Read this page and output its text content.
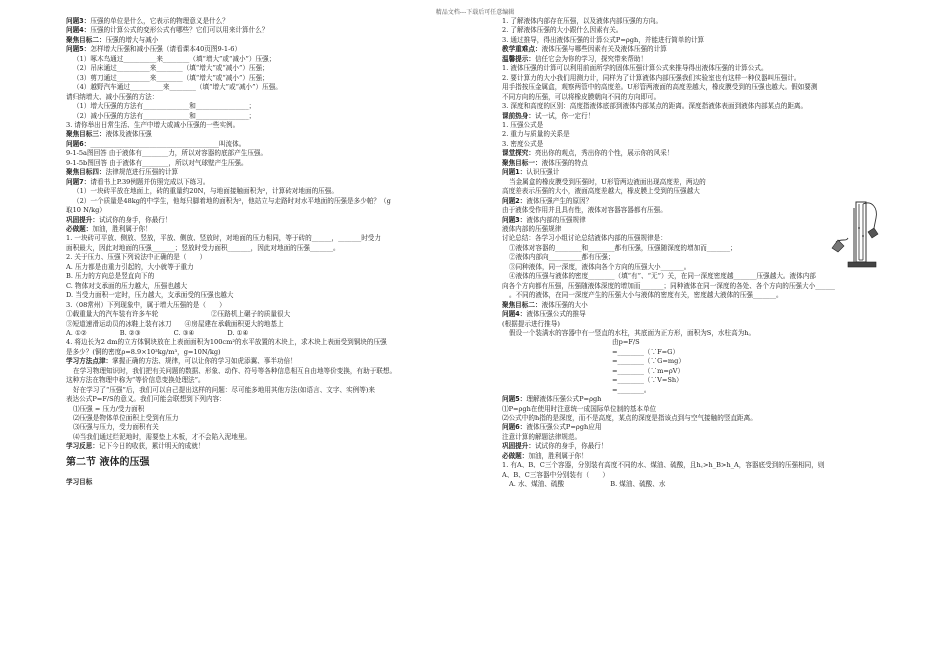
精品文档---下载后可任意编辑
问题3：压强的单位是什么，它表示的物理意义是什么？
问题4：压强的计算公式的变形公式有哪些？它们可以用来计算什么？
聚焦目标二：压强的增大与减小
问题5：怎样增大压强和减小压强（请看课本40页图9-1-6）
（1）啄木鸟通过__________来________（填“增大”或“减小”）压强；
（2）吊床通过__________来________（填“增大”或“减小”）压强；
（3）剪刀通过__________来________（填“增大”或“减小”）压强；
（4）越野汽车通过__________来________（填“增大”或“减小”）压强。
请归纳增大、减小压强的方法：
（1）增大压强的方法有______________和________________；
（2）减小压强的方法有______________和________________；
3. 请你举出日常生活、生产中增大或减小压强的一些实例。
聚焦目标三：液体及液体压强
问题6：_______________________________________叫流体。
9-1-5a图回答 由于液体有________力，所以对容器的底部产生压强。
9-1-5b图回答 由于液体有________，所以对气球壁产生压强。
聚焦目标四：法律规范进行压强的计算
问题7：请看书上P.39例题并仿照完成以下练习。
（1）一块砖平放在地面上，砖的重量约20N，与地面接触面积为²，计算砖对地面的压强。
（2）一个质量是48kg的中学生，他每只脚着地的面积为²，他站立与走路时对水平地面的压强是多少帕？（g
取10 N/kg）
巩固提升：试试你的身手，你最行！
必做题：加油，胜利属于你！
1. 一块砖可平放、侧放、竖放，平放、侧放、竖放时，对地面的压力相同，等于砖的______，_______时受力
面积最大，因此对地面的压强_______；竖放时受力面积_______，因此对地面的压强_______。
2. 关于压力、压强下列说法中正确的是（　　）
A. 压力都是由重力引起的，大小就等于重力
B. 压力的方向总是竖直向下的
C. 物体对支承面的压力越大，压强也越大
D. 当受力面积一定时，压力越大，支承面受的压强也越大
3.（08常州）下列现象中，属于增大压强的是（　　）
①载重量大的汽车装有许多车轮　　　　　　　　②压路机上碾子的质量很大
③短道速滑运动员的冰鞋上装有冰刀　　④房屋建在承载面积更大的地基上
A. ①②　　　　　B. ②③　　　　　C. ③④　　　　　D. ①④
4. 将边长为2 dm的立方体铜块放在上表面面积为100cm²的水平放置的木块上，求木块上表面受到铜块的压强
是多少？(铜的密度ρ=8.9×10³kg/m³，g=10N/kg)
学习方法点津：掌握正确的方法、规律，可以让你的学习如虎添翼、事半功倍！
在学习物理知识时，我们把有关问题的数据、形象、动作、符号等各种信息相互自由地等价变换，有助于联想。
这种方法在物理中称为“等价信息变换处理法”。
好在学习了“压强”后，我们可以自己提出这样的问题：尽可能多地用其他方法(如语言、文字、实例等)来
表达公式P=F/S的意义。我们可能会联想到下列内容：
⑴压强 = 压力/受力面积
⑵压强是物体单位面积上受到有压力
⑶压强与压力，受力面积有关
⑷当我们通过烂泥地时，需要垫上木板，才不会陷入泥地里。
学习反思：记下今日的收获，累计明天的成就！
第二节 液体的压强
学习目标
1. 了解液体内部存在压强，以及液体内部压强的方向。
2. 了解液体压强的大小跟什么因素有关。
3. 通过推导，得出液体压强的计算公式P=ρgh，并能进行简单的计算
教学重难点：液体压强与哪些因素有关及液体压强的计算
温馨提示：信任它会为你的学习，探究带来帮助！
1. 液体压强的计算可以利用前面所学的固体压强计算公式来推导得出液体压强的计算公式。
2. 要计算力的大小我们用测力计，同样为了计算液体内部压强我们实验室也有这样一种仪器叫压强计。
用手指按压金属盒，观察两管中的高度差。U形管两液面的高度差越大，橡皮膜受到的压强也越大。假如要测
不同方向的压强，可以将橡皮膜朝向不同的方向即可。
3. 深度和高度的区别：高度指液体底部到液体内部某点的距离。深度指液体表面到液体内部某点的距离。
课前热身：试一试，你一定行！
1. 压强公式是
2. 重力与质量的关系是
3. 密度公式是
课堂探究：亮出你的观点，秀出你的个性，展示你的风采！
聚焦目标一：液体压强的特点
问题1：认识压强计
当金属盒的橡皮膜受到压强时，U形管两边液面出现高度差，两边的
高度差表示压强的大小，液面高度差越大，橡皮膜上受到的压强越大
问题2：液体压强产生的原因？
由于液体受作用并且具有性，液体对容器容器都有压强。
问题3：液体内部的压强规律
液体内部的压强规律
讨论总结：各学习小组讨论总结液体内部的压强规律是：
①液体对容器的________和________都有压强，压强随深度的增加而_______；
②液体内部向__________都有压强；
③同种液体，同一深度，液体向各个方向的压强大小_______。
④液体的压强与液体的密度________（填“有”、“无”）关，在同一深度密度越_______压强越大。液体内部
向各个方向都有压强，压强随液体深度的增加而_______；同种液体在同一深度的各处、各个方向的压强大小______
。不同的液体，在同一深度产生的压强大小与液体的密度有关，密度越大液体的压强_______。
聚焦目标二：液体压强的大小
问题4：液体压强公式的推导
(根据提示进行推导)
假设一个装满水的容器中有一竖直的水柱，其底面为正方形，面积为S，水柱高为h。
由p=F/S
=________（∵F=G）
=________（∵G=mg）
=________（∵m=ρV）
=________（∵V=Sh）
=________。
问题5：理解液体压强公式P=ρgh
⑴P=ρgh在使用时注意统一成国际单位制的基本单位
⑵公式中的h指的是深度，而不是高度，某点的深度是指该点到与空气接触的竖直距离。
问题6：液体压强公式P=ρgh应用
注意计算的解题法律规范。
巩固提升：试试你的身手，你最行！
必做题：加油，胜利属于你！
1. 有A、B、C三个容器，分别装有高度不同的水、煤油、硫酸，且h꜀>h_B>h_A，容器底受到的压强相同，则
A、B、C三容器中分别装有（　　）
A. 水、煤油、硫酸　　　　　　　B. 煤油、硫酸、水
